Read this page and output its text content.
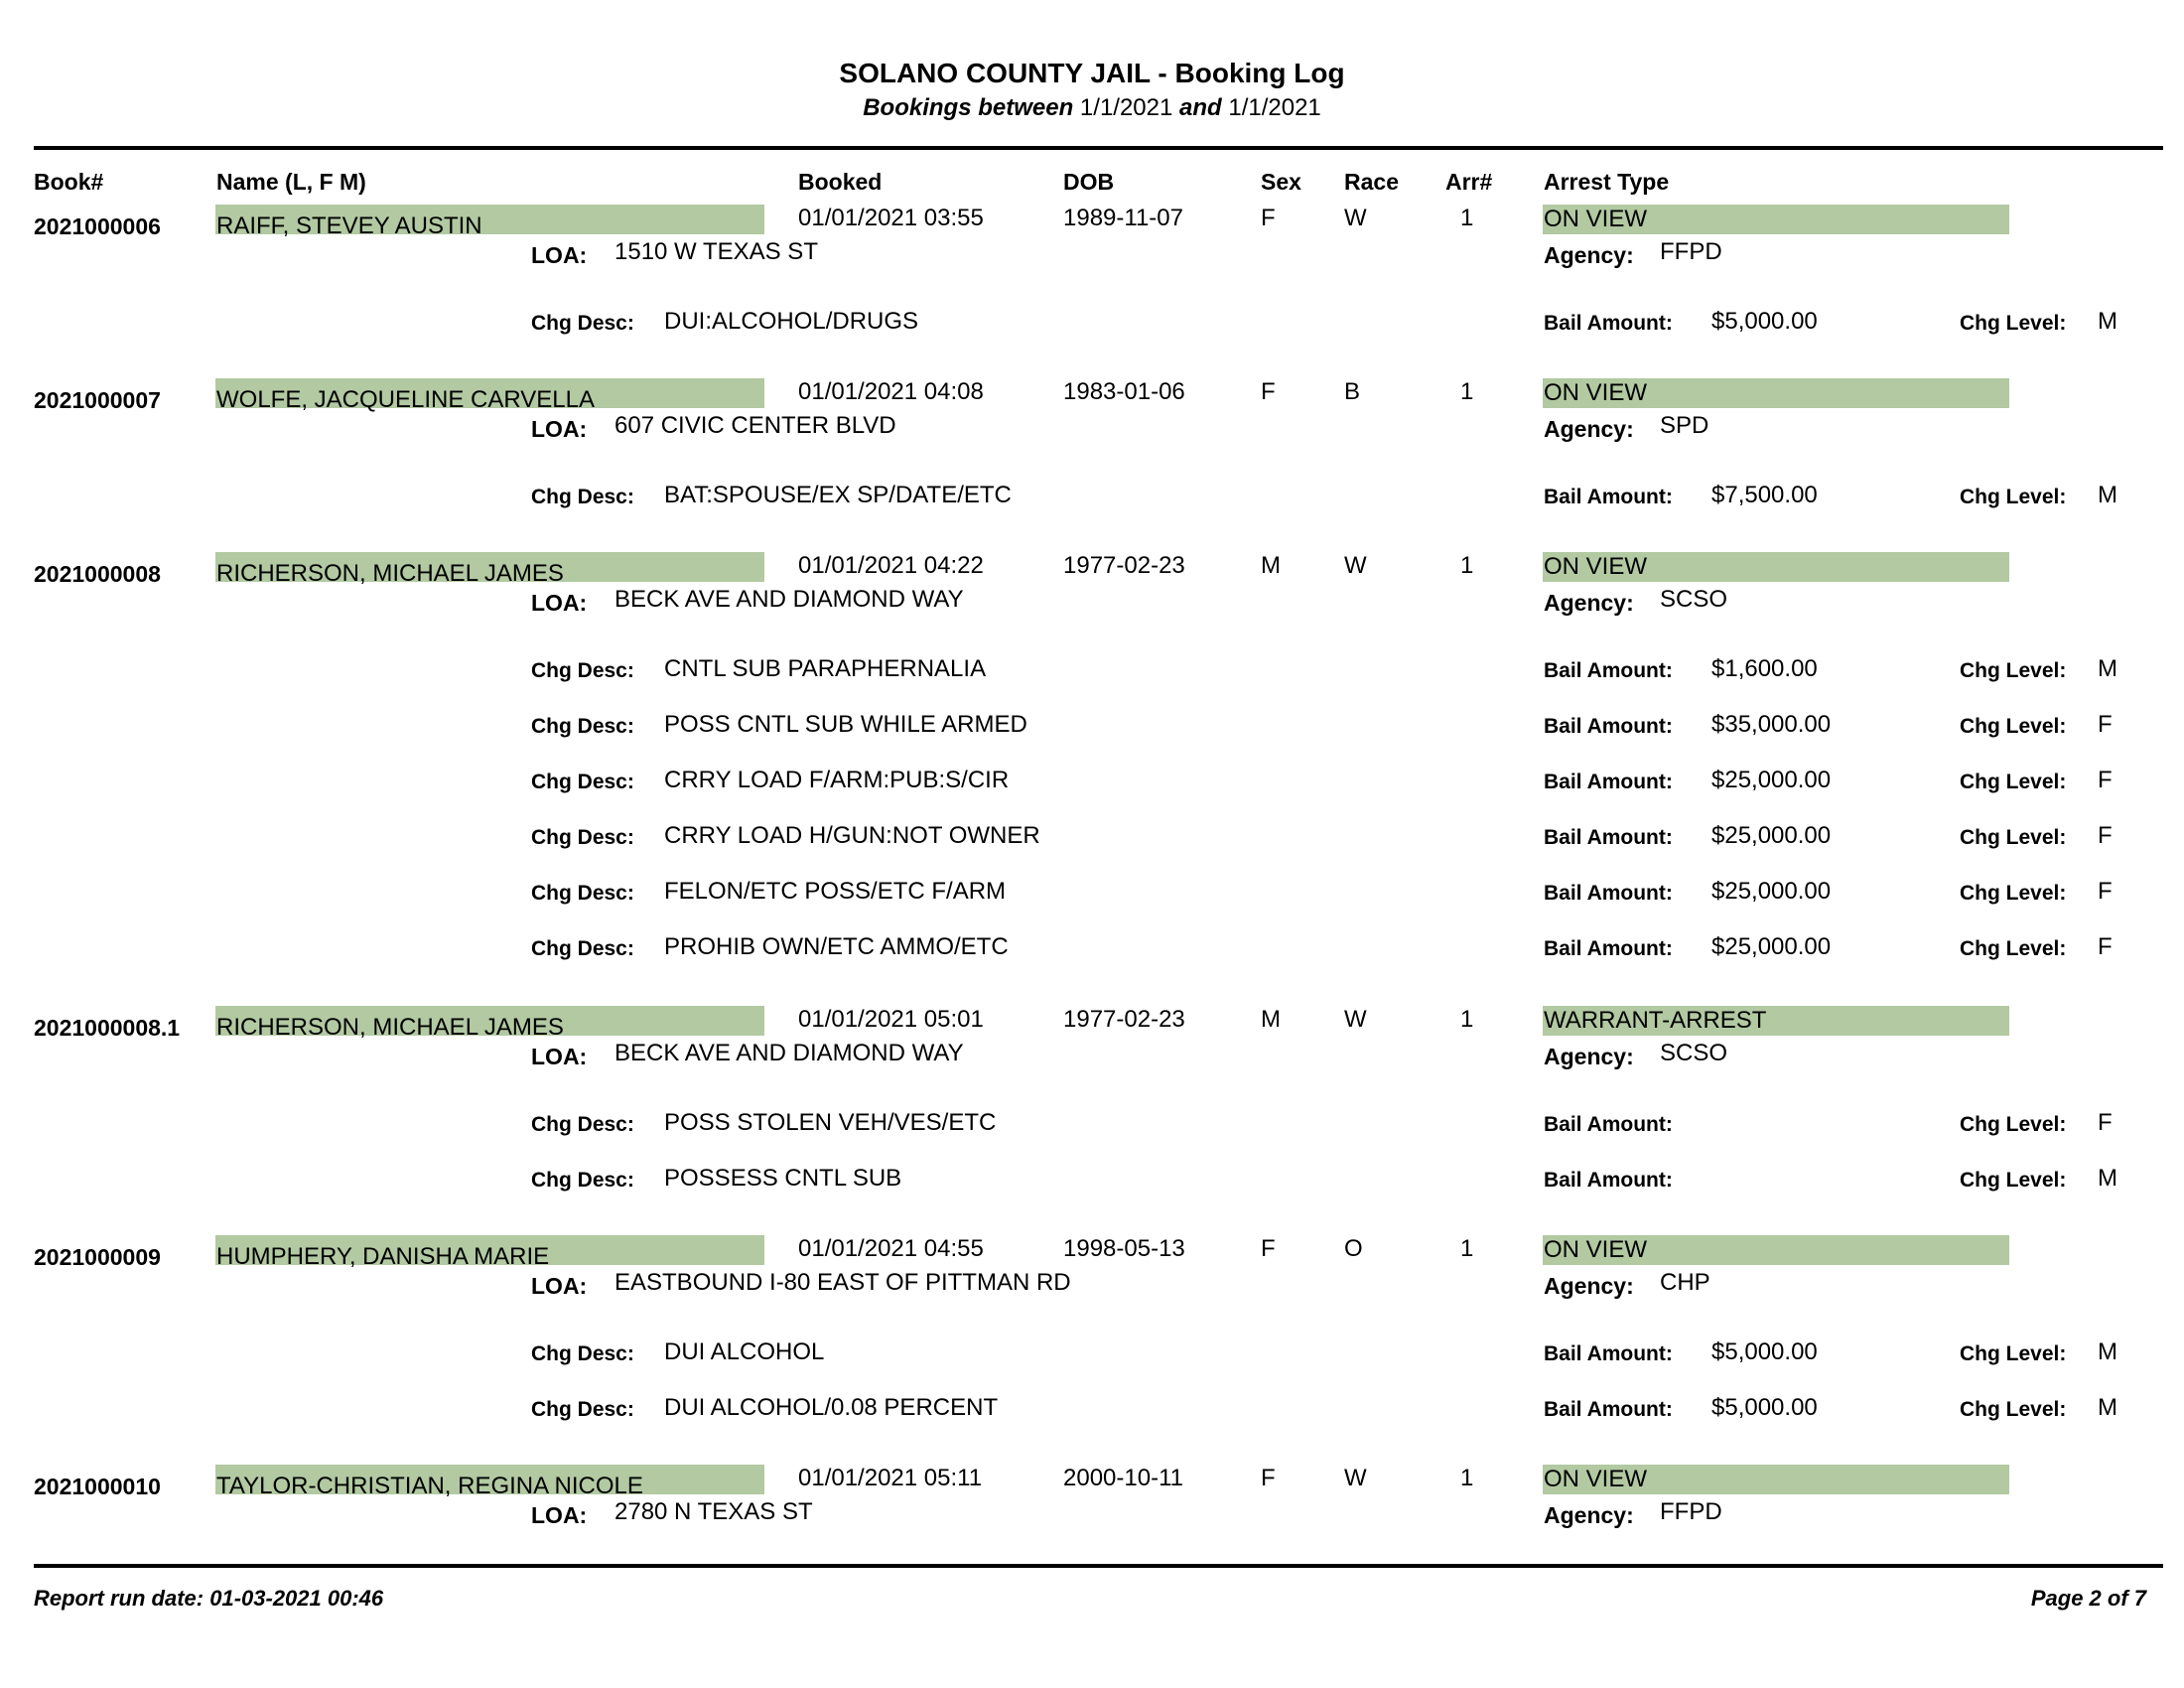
SOLANO COUNTY JAIL - Booking Log
Bookings between 1/1/2021 and 1/1/2021
Book#	Name (L, F M)	Booked	DOB	Sex Race Arr# Arrest Type
2021000006 RAIFF, STEVEY AUSTIN	01/01/2021 03:55	1989-11-07	F	W	1	ON VIEW
LOA: 1510 W TEXAS ST	Agency: FFPD
Chg Desc: DUI:ALCOHOL/DRUGS	Bail Amount: $5,000.00	Chg Level: M
2021000007 WOLFE, JACQUELINE CARVELLA	01/01/2021 04:08	1983-01-06	F	B	1	ON VIEW
LOA: 607 CIVIC CENTER BLVD	Agency: SPD
Chg Desc: BAT:SPOUSE/EX SP/DATE/ETC	Bail Amount: $7,500.00	Chg Level: M
2021000008 RICHERSON, MICHAEL JAMES	01/01/2021 04:22	1977-02-23	M	W	1	ON VIEW
LOA: BECK AVE AND DIAMOND WAY	Agency: SCSO
Chg Desc: CNTL SUB PARAPHERNALIA	Bail Amount: $1,600.00	Chg Level: M
Chg Desc: POSS CNTL SUB WHILE ARMED	Bail Amount: $35,000.00	Chg Level: F
Chg Desc: CRRY LOAD F/ARM:PUB:S/CIR	Bail Amount: $25,000.00	Chg Level: F
Chg Desc: CRRY LOAD H/GUN:NOT OWNER	Bail Amount: $25,000.00	Chg Level: F
Chg Desc: FELON/ETC POSS/ETC F/ARM	Bail Amount: $25,000.00	Chg Level: F
Chg Desc: PROHIB OWN/ETC AMMO/ETC	Bail Amount: $25,000.00	Chg Level: F
2021000008.1 RICHERSON, MICHAEL JAMES	01/01/2021 05:01	1977-02-23	M	W	1	WARRANT-ARREST
LOA: BECK AVE AND DIAMOND WAY	Agency: SCSO
Chg Desc: POSS STOLEN VEH/VES/ETC	Bail Amount:	Chg Level: F
Chg Desc: POSSESS CNTL SUB	Bail Amount:	Chg Level: M
2021000009 HUMPHERY, DANISHA MARIE	01/01/2021 04:55	1998-05-13	F	O	1	ON VIEW
LOA: EASTBOUND I-80 EAST OF PITTMAN RD	Agency: CHP
Chg Desc: DUI ALCOHOL	Bail Amount: $5,000.00	Chg Level: M
Chg Desc: DUI ALCOHOL/0.08 PERCENT	Bail Amount: $5,000.00	Chg Level: M
2021000010 TAYLOR-CHRISTIAN, REGINA NICOLE	01/01/2021 05:11	2000-10-11	F	W	1	ON VIEW
LOA: 2780 N TEXAS ST	Agency: FFPD
Report run date: 01-03-2021 00:46	Page 2 of 7
